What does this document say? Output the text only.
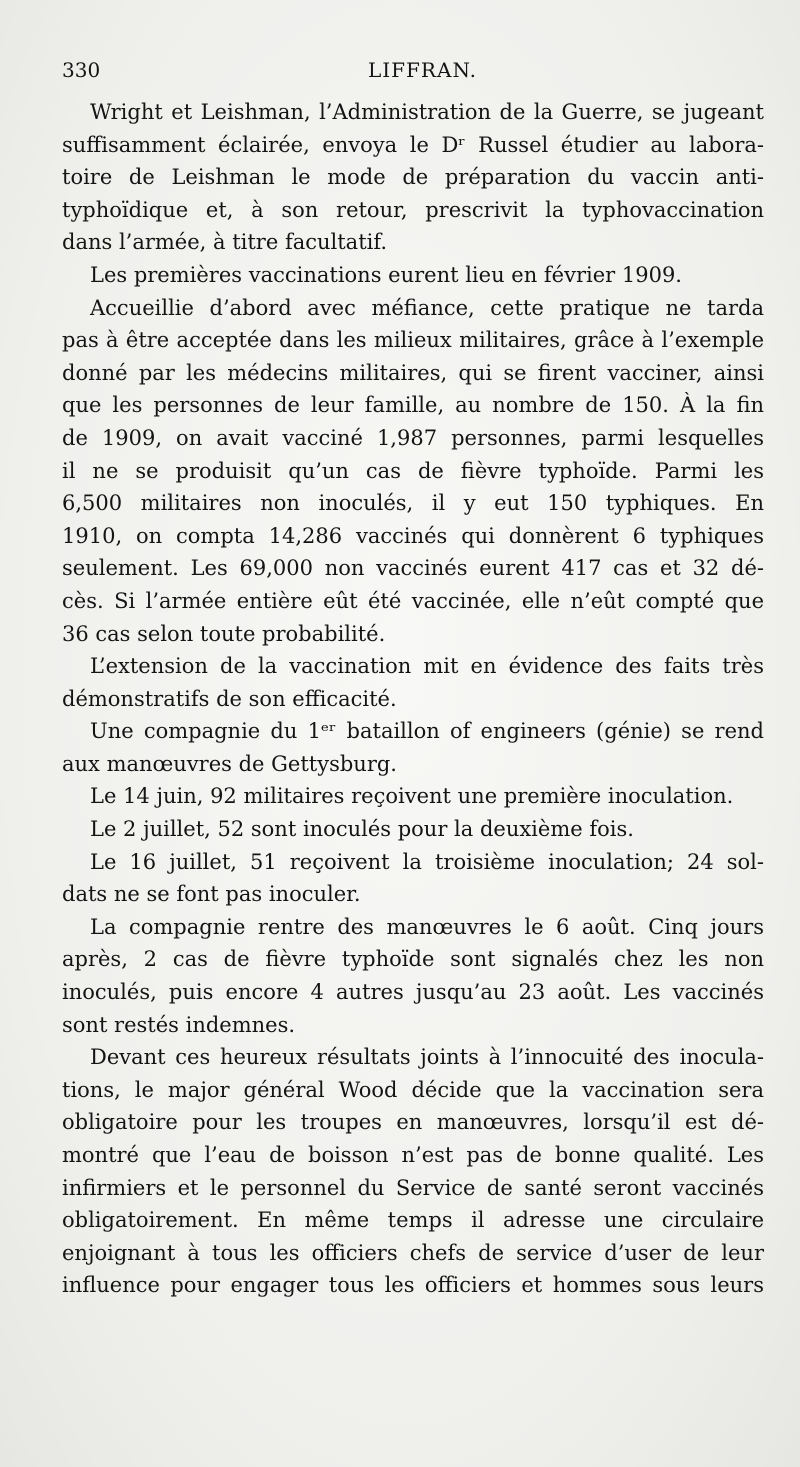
330	LIFFRAN.
Wright et Leishman, l’Administration de la Guerre, se jugeant
suffisamment éclairée, envoya le Dʳ Russel étudier au labora-
toire de Leishman le mode de préparation du vaccin anti-
typhoïdique et, à son retour, prescrivit la typhovaccination
dans l’armée, à titre facultatif.
Les premières vaccinations eurent lieu en février 1909.
Accueillie d’abord avec méfiance, cette pratique ne tarda
pas à être acceptée dans les milieux militaires, grâce à l’exemple
donné par les médecins militaires, qui se firent vacciner, ainsi
que les personnes de leur famille, au nombre de 150. À la fin
de 1909, on avait vacciné 1,987 personnes, parmi lesquelles
il ne se produisit qu’un cas de fièvre typhoïde. Parmi les
6,500 militaires non inoculés, il y eut 150 typhiques. En
1910, on compta 14,286 vaccinés qui donnèrent 6 typhiques
seulement. Les 69,000 non vaccinés eurent 417 cas et 32 dé-
cès. Si l’armée entière eût été vaccinée, elle n’eût compté que
36 cas selon toute probabilité.
L’extension de la vaccination mit en évidence des faits très
démonstratifs de son efficacité.
Une compagnie du 1ᵉʳ bataillon of engineers (génie) se rend
aux manœuvres de Gettysburg.
Le 14 juin, 92 militaires reçoivent une première inoculation.
Le 2 juillet, 52 sont inoculés pour la deuxième fois.
Le 16 juillet, 51 reçoivent la troisième inoculation; 24 sol-
dats ne se font pas inoculer.
La compagnie rentre des manœuvres le 6 août. Cinq jours
après, 2 cas de fièvre typhoïde sont signalés chez les non
inoculés, puis encore 4 autres jusqu’au 23 août. Les vaccinés
sont restés indemnes.
Devant ces heureux résultats joints à l’innocuité des inocula-
tions, le major général Wood décide que la vaccination sera
obligatoire pour les troupes en manœuvres, lorsqu’il est dé-
montré que l’eau de boisson n’est pas de bonne qualité. Les
infirmiers et le personnel du Service de santé seront vaccinés
obligatoirement. En même temps il adresse une circulaire
enjoignant à tous les officiers chefs de service d’user de leur
influence pour engager tous les officiers et hommes sous leurs
